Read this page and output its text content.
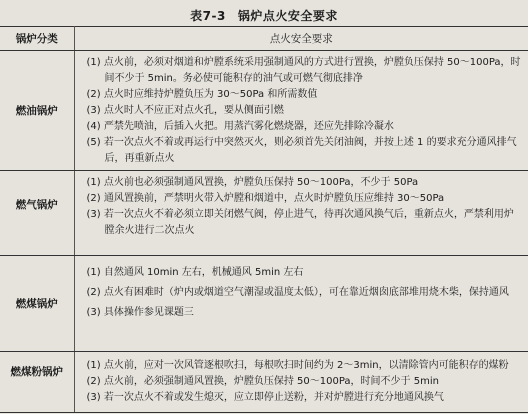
表7-3 锅炉点火安全要求
锅炉分类	点火安全要求
燃油锅炉	(1) 点火前，必须对烟道和炉膛系统采用强制通风的方式进行置换，炉膛负压保持 50～100Pa，时间不少于 5min。务必使可能积存的油气或可燃气彻底排净
(2) 点火时应维持炉膛负压为 30～50Pa 和所需数值
(3) 点火时人不应正对点火孔，要从侧面引燃
(4) 严禁先喷油，后插入火把。用蒸汽雾化燃烧器，还应先排除冷凝水
(5) 若一次点火不着或再运行中突然灭火，则必须首先关闭油阀，并按上述 1 的要求充分通风排气后，再重新点火

燃气锅炉	(1) 点火前也必须强制通风置换，炉膛负压保持 50～100Pa，不少于 50Pa
(2) 通风置换前，严禁明火带入炉膛和烟道中，点火时炉膛负压应维持 30～50Pa
(3) 若一次点火不着必须立即关闭燃气阀，停止进气，待再次通风换气后，重新点火，严禁利用炉膛余火进行二次点火

燃煤锅炉	(1) 自然通风 10min 左右，机械通风 5min 左右
(2) 点火有困难时（炉内或烟道空气潮湿或温度太低），可在靠近烟囱底部堆用烧木柴，保持通风
(3) 具体操作参见课题三

燃煤粉锅炉	(1) 点火前，应对一次风管逐根吹扫，每根吹扫时间约为 2～3min，以清除管内可能积存的煤粉
(2) 点火前，必须强制通风置换，炉膛负压保持 50～100Pa，时间不少于 5min
(3) 若一次点火不着或发生熄灭，应立即停止送粉，并对炉膛进行充分地通风换气
